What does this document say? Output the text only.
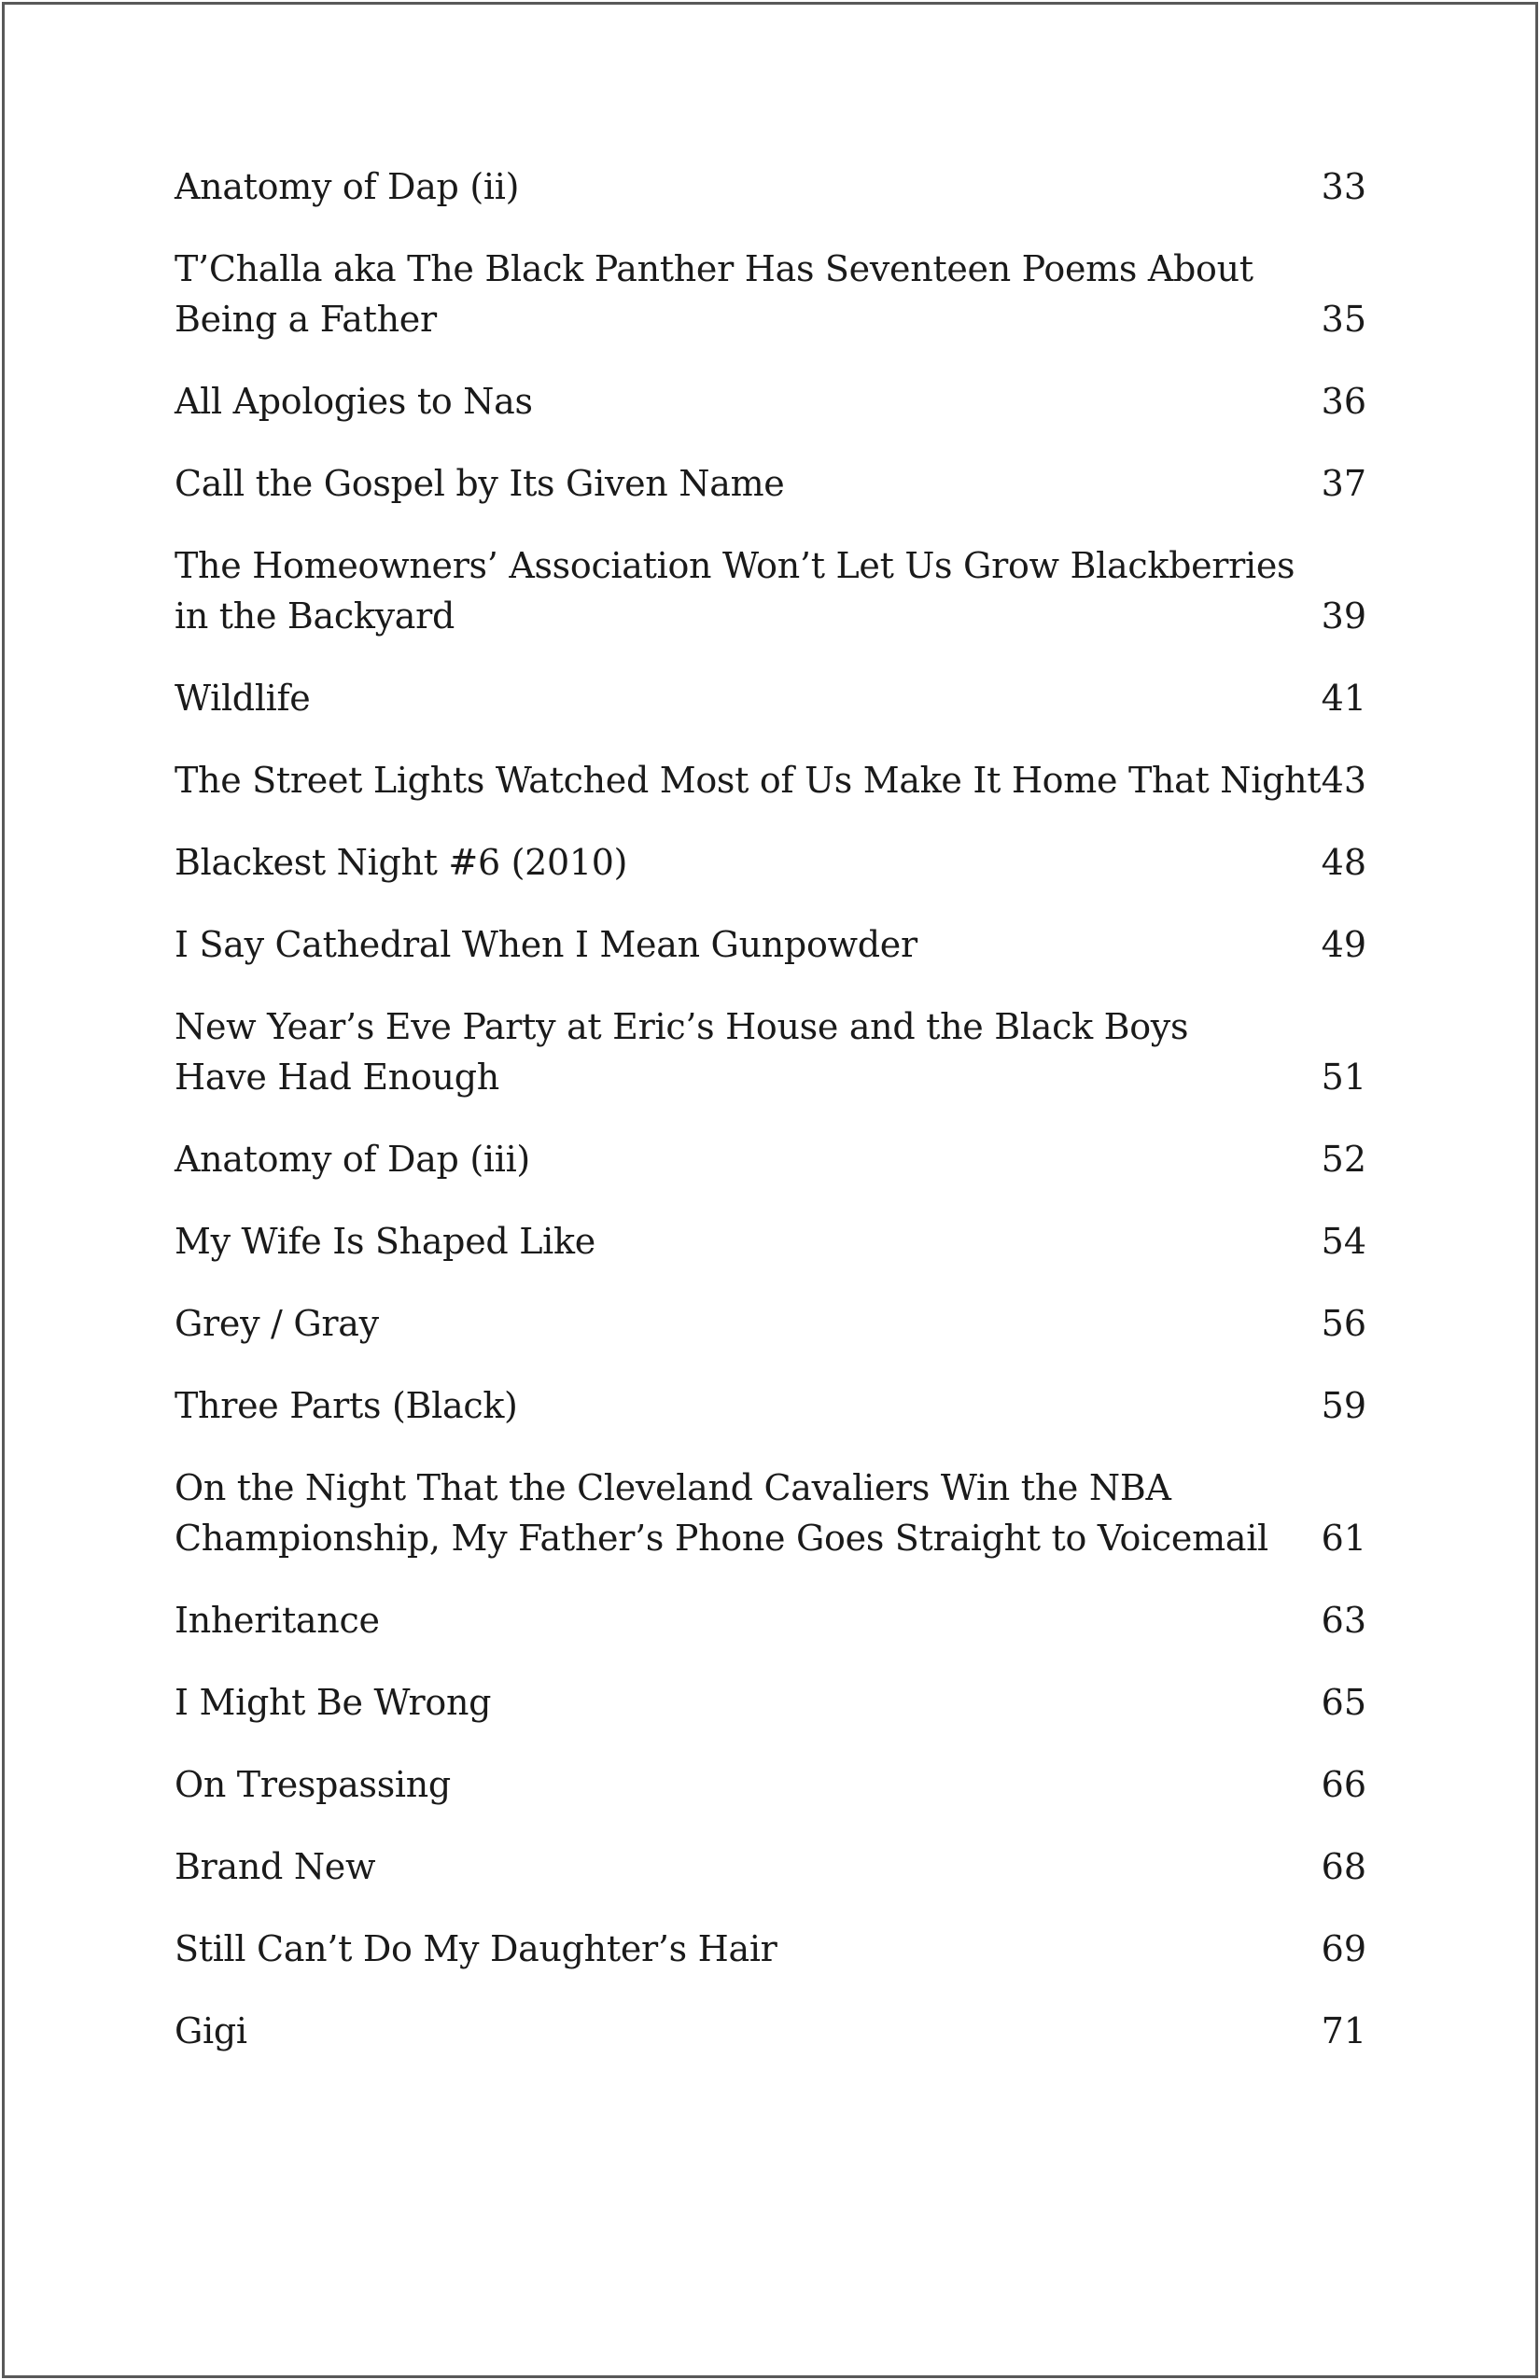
Anatomy of Dap (ii)	33
T’Challa aka The Black Panther Has Seventeen Poems About
Being a Father	35
All Apologies to Nas	36
Call the Gospel by Its Given Name	37
The Homeowners’ Association Won’t Let Us Grow Blackberries
in the Backyard	39
Wildlife	41
The Street Lights Watched Most of Us Make It Home That Night 43
Blackest Night #6 (2010)	48
I Say Cathedral When I Mean Gunpowder	49
New Year’s Eve Party at Eric’s House and the Black Boys
Have Had Enough	51
Anatomy of Dap (iii)	52
My Wife Is Shaped Like	54
Grey / Gray	56
Three Parts (Black)	59
On the Night That the Cleveland Cavaliers Win the NBA
Championship, My Father’s Phone Goes Straight to Voicemail	61
Inheritance	63
I Might Be Wrong	65
On Trespassing	66
Brand New	68
Still Can’t Do My Daughter’s Hair	69
Gigi	71
